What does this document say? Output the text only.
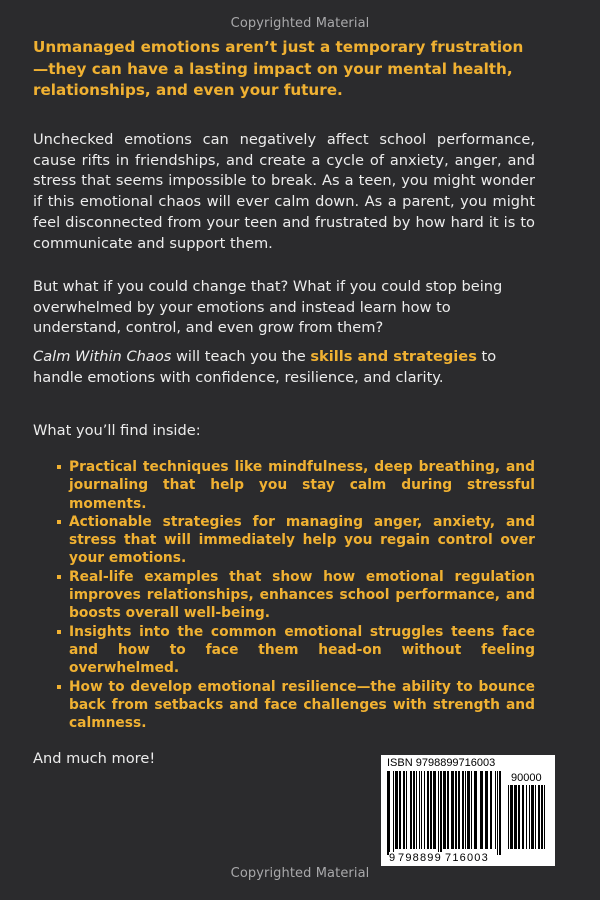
Copyrighted Material
Unmanaged emotions aren’t just a temporary frustration—they can have a lasting impact on your mental health, relationships, and even your future.
Unchecked emotions can negatively affect school performance, cause rifts in friendships, and create a cycle of anxiety, anger, and stress that seems impossible to break. As a teen, you might wonder if this emotional chaos will ever calm down. As a parent, you might feel disconnected from your teen and frustrated by how hard it is to communicate and support them.
But what if you could change that? What if you could stop being overwhelmed by your emotions and instead learn how to understand, control, and even grow from them?
Calm Within Chaos will teach you the skills and strategies to handle emotions with confidence, resilience, and clarity.
What you’ll find inside:
Practical techniques like mindfulness, deep breathing, and journaling that help you stay calm during stressful moments.
Actionable strategies for managing anger, anxiety, and stress that will immediately help you regain control over your emotions.
Real-life examples that show how emotional regulation improves relationships, enhances school performance, and boosts overall well-being.
Insights into the common emotional struggles teens face and how to face them head-on without feeling overwhelmed.
How to develop emotional resilience—the ability to bounce back from setbacks and face challenges with strength and calmness.
And much more!	ISBN 9798899716003
90000
9 798899 716003
Copyrighted Material
